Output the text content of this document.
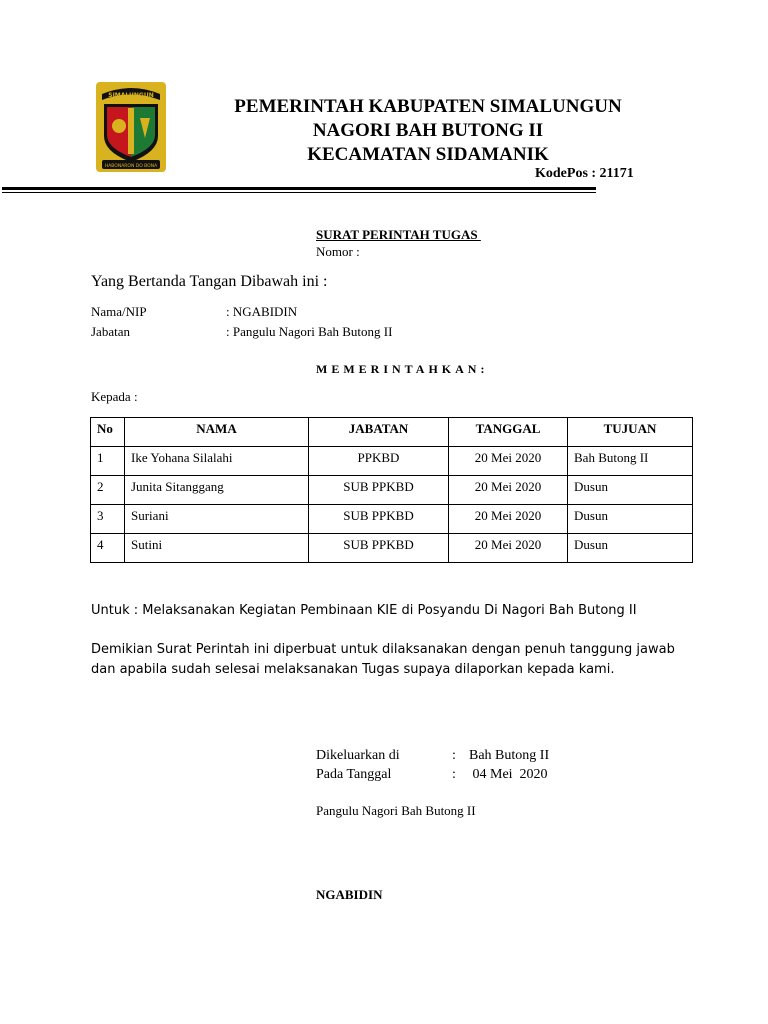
SIMALUNGUN
HABONARON DO BONA
PEMERINTAH KABUPATEN SIMALUNGUN
NAGORI BAH BUTONG II
KECAMATAN SIDAMANIK
KodePos : 21171
SURAT PERINTAH TUGAS
Nomor :
Yang Bertanda Tangan Dibawah ini :
Nama/NIP	: NGABIDIN
Jabatan	: Pangulu Nagori Bah Butong II
MEMERINTAHKAN:
Kepada :
No	NAMA	JABATAN	TANGGAL	TUJUAN
1	Ike Yohana Silalahi	PPKBD	20 Mei 2020	Bah Butong II
2	Junita Sitanggang	SUB PPKBD	20 Mei 2020	Dusun
3	Suriani	SUB PPKBD	20 Mei 2020	Dusun
4	Sutini	SUB PPKBD	20 Mei 2020	Dusun
Untuk : Melaksanakan Kegiatan Pembinaan KIE di Posyandu Di Nagori Bah Butong II
Demikian Surat Perintah ini diperbuat untuk dilaksanakan dengan penuh tanggung jawab
dan apabila sudah selesai melaksanakan Tugas supaya dilaporkan kepada kami.
Dikeluarkan di	: Bah Butong II
Pada Tanggal	: 04 Mei  2020
Pangulu Nagori Bah Butong II
NGABIDIN
